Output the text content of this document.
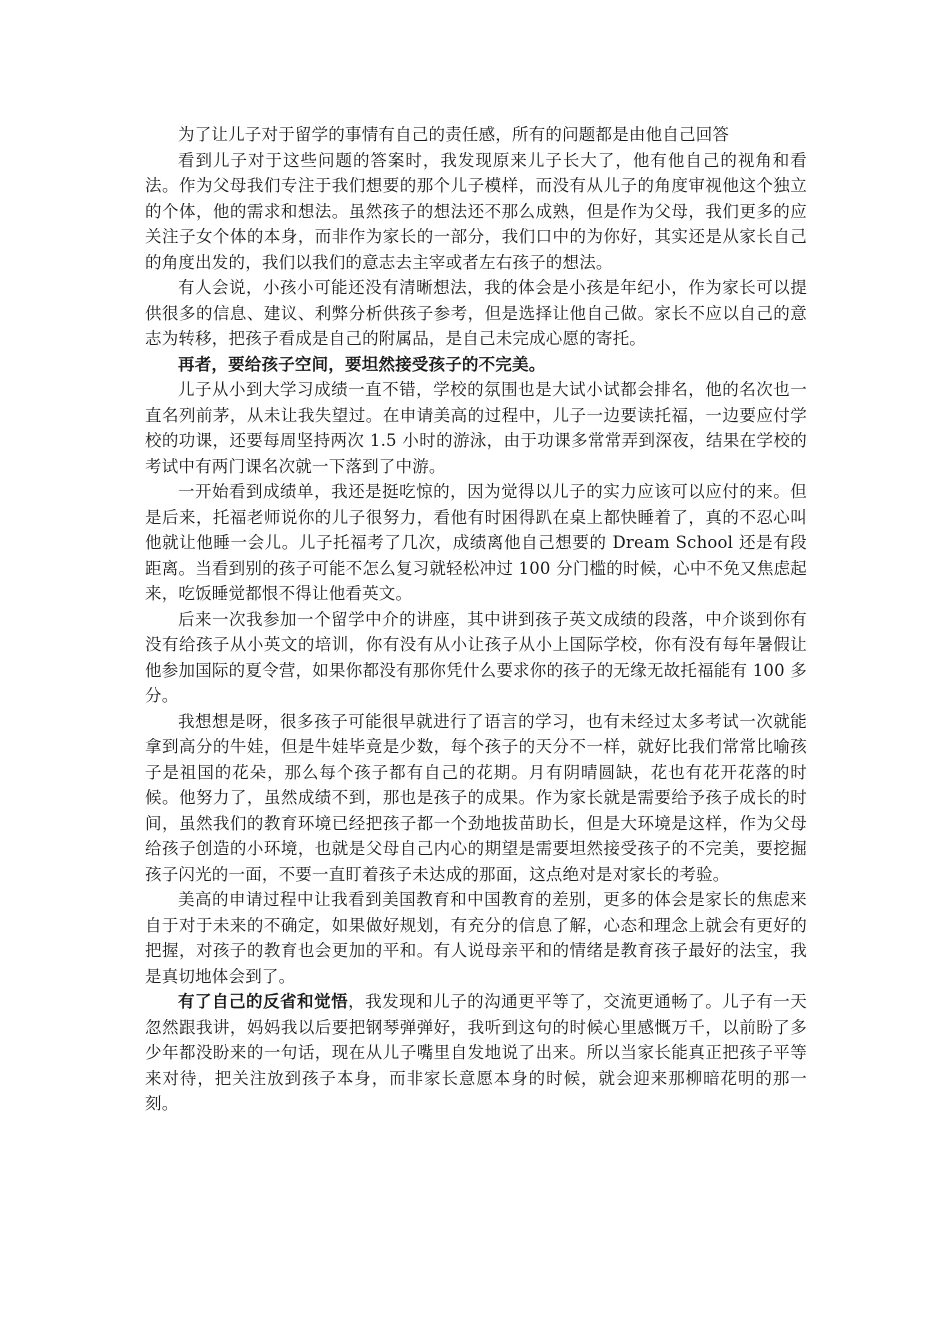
为了让儿子对于留学的事情有自己的责任感，所有的问题都是由他自己回答

看到儿子对于这些问题的答案时，我发现原来儿子长大了，他有他自己的视角和看法。作为父母我们专注于我们想要的那个儿子模样，而没有从儿子的角度审视他这个独立的个体，他的需求和想法。虽然孩子的想法还不那么成熟，但是作为父母，我们更多的应关注子女个体的本身，而非作为家长的一部分，我们口中的为你好，其实还是从家长自己的角度出发的，我们以我们的意志去主宰或者左右孩子的想法。

有人会说，小孩小可能还没有清晰想法，我的体会是小孩是年纪小，作为家长可以提供很多的信息、建议、利弊分析供孩子参考，但是选择让他自己做。家长不应以自己的意志为转移，把孩子看成是自己的附属品，是自己未完成心愿的寄托。

再者，要给孩子空间，要坦然接受孩子的不完美。

儿子从小到大学习成绩一直不错，学校的氛围也是大试小试都会排名，他的名次也一直名列前茅，从未让我失望过。在申请美高的过程中，儿子一边要读托福，一边要应付学校的功课，还要每周坚持两次 1.5 小时的游泳，由于功课多常常弄到深夜，结果在学校的考试中有两门课名次就一下落到了中游。

一开始看到成绩单，我还是挺吃惊的，因为觉得以儿子的实力应该可以应付的来。但是后来，托福老师说你的儿子很努力，看他有时困得趴在桌上都快睡着了，真的不忍心叫他就让他睡一会儿。儿子托福考了几次，成绩离他自己想要的 Dream School 还是有段距离。当看到别的孩子可能不怎么复习就轻松冲过 100 分门槛的时候，心中不免又焦虑起来，吃饭睡觉都恨不得让他看英文。

后来一次我参加一个留学中介的讲座，其中讲到孩子英文成绩的段落，中介谈到你有没有给孩子从小英文的培训，你有没有从小让孩子从小上国际学校，你有没有每年暑假让他参加国际的夏令营，如果你都没有那你凭什么要求你的孩子的无缘无故托福能有 100 多分。

我想想是呀，很多孩子可能很早就进行了语言的学习，也有未经过太多考试一次就能拿到高分的牛娃，但是牛娃毕竟是少数，每个孩子的天分不一样，就好比我们常常比喻孩子是祖国的花朵，那么每个孩子都有自己的花期。月有阴晴圆缺，花也有花开花落的时候。他努力了，虽然成绩不到，那也是孩子的成果。作为家长就是需要给予孩子成长的时间，虽然我们的教育环境已经把孩子都一个劲地拔苗助长，但是大环境是这样，作为父母给孩子创造的小环境，也就是父母自己内心的期望是需要坦然接受孩子的不完美，要挖掘孩子闪光的一面，不要一直盯着孩子未达成的那面，这点绝对是对家长的考验。

美高的申请过程中让我看到美国教育和中国教育的差别，更多的体会是家长的焦虑来自于对于未来的不确定，如果做好规划，有充分的信息了解，心态和理念上就会有更好的把握，对孩子的教育也会更加的平和。有人说母亲平和的情绪是教育孩子最好的法宝，我是真切地体会到了。

有了自己的反省和觉悟，我发现和儿子的沟通更平等了，交流更通畅了。儿子有一天忽然跟我讲，妈妈我以后要把钢琴弹弹好，我听到这句的时候心里感慨万千，以前盼了多少年都没盼来的一句话，现在从儿子嘴里自发地说了出来。所以当家长能真正把孩子平等来对待，把关注放到孩子本身，而非家长意愿本身的时候，就会迎来那柳暗花明的那一刻。
